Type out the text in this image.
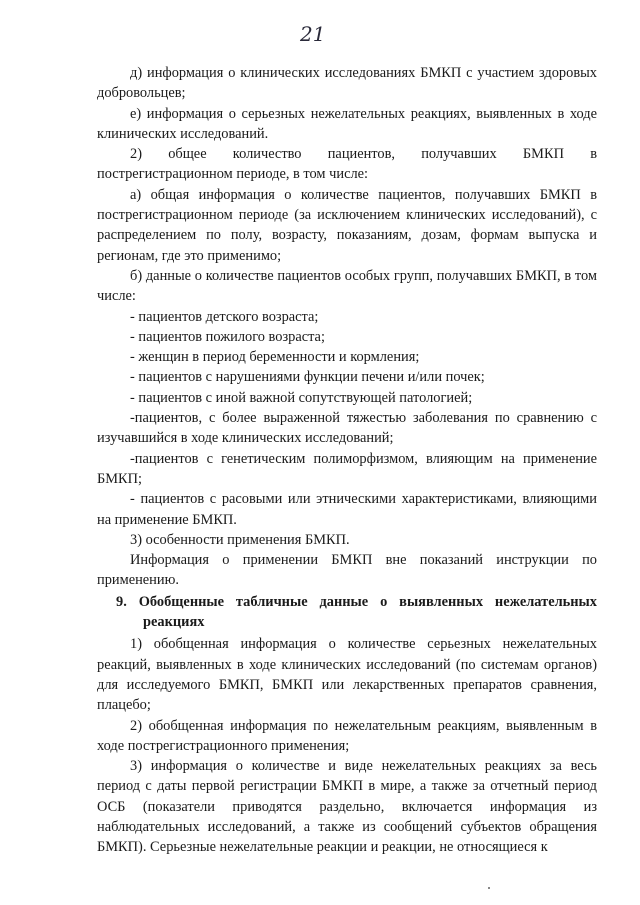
21

д) информация о клинических исследованиях БМКП с участием здоровых добровольцев;

е) информация о серьезных нежелательных реакциях, выявленных в ходе клинических исследований.

2) общее количество пациентов, получавших БМКП в пострегистрационном периоде, в том числе:

а) общая информация о количестве пациентов, получавших БМКП в пострегистрационном периоде (за исключением клинических исследований), с распределением по полу, возрасту, показаниям, дозам, формам выпуска и регионам, где это применимо;

б) данные о количестве пациентов особых групп, получавших БМКП, в том числе:

- пациентов детского возраста;

- пациентов пожилого возраста;

- женщин в период беременности и кормления;

- пациентов с нарушениями функции печени и/или почек;

- пациентов с иной важной сопутствующей патологией;

-пациентов, с более выраженной тяжестью заболевания по сравнению с изучавшийся в ходе клинических исследований;

-пациентов с генетическим полиморфизмом, влияющим на применение БМКП;

- пациентов с расовыми или этническими характеристиками, влияющими на применение БМКП.

3) особенности применения БМКП.

Информация о применении БМКП вне показаний инструкции по применению.

9. Обобщенные табличные данные о выявленных нежелательных реакциях

1) обобщенная информация о количестве серьезных нежелательных реакций, выявленных в ходе клинических исследований (по системам органов) для исследуемого БМКП, БМКП или лекарственных препаратов сравнения, плацебо;

2) обобщенная информация по нежелательным реакциям, выявленным в ходе пострегистрационного применения;

3) информация о количестве и виде нежелательных реакциях за весь период с даты первой регистрации БМКП в мире, а также за отчетный период ОСБ (показатели приводятся раздельно, включается информация из наблюдательных исследований, а также из сообщений субъектов обращения БМКП). Серьезные нежелательные реакции и реакции, не относящиеся к
